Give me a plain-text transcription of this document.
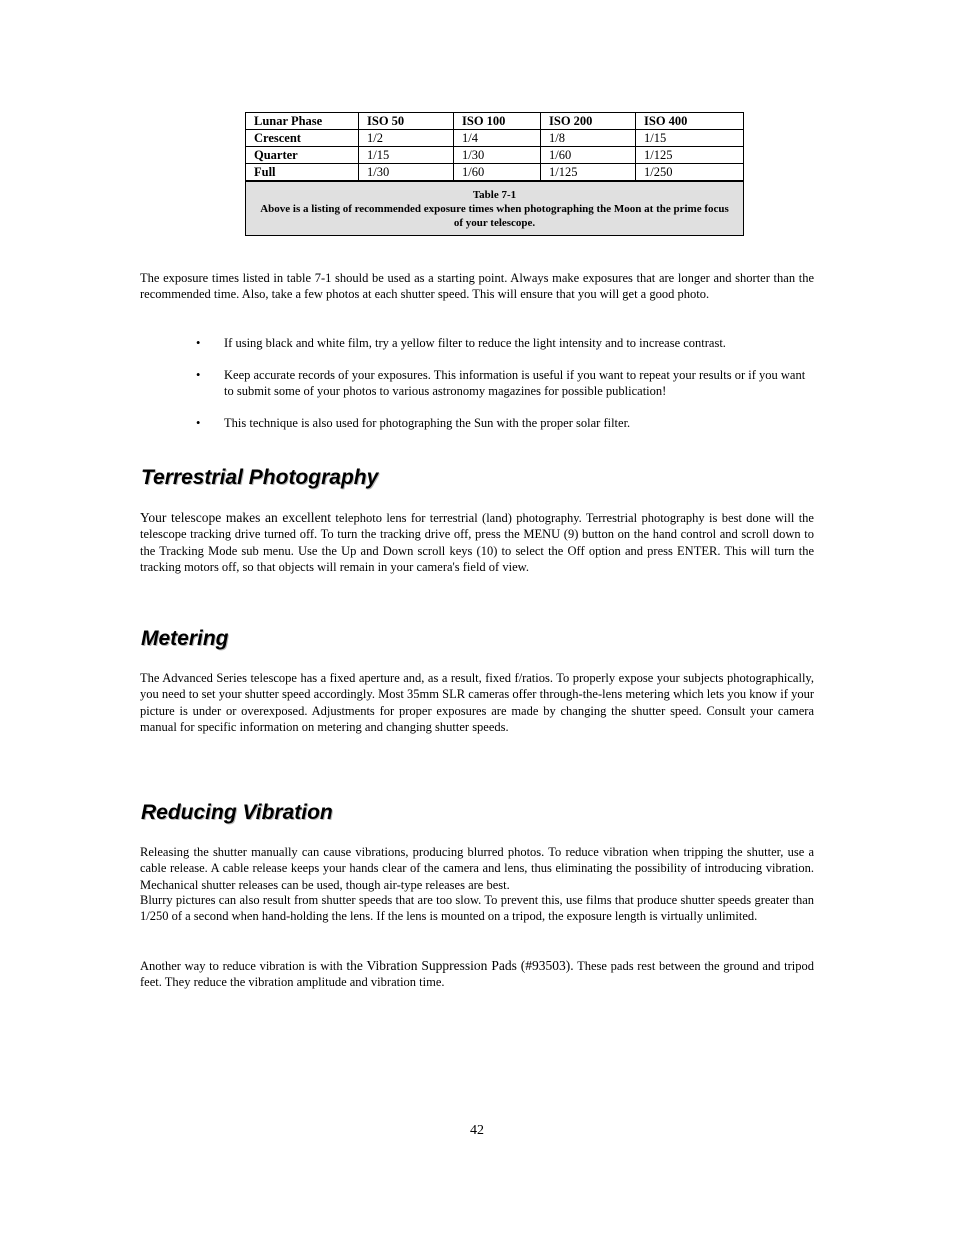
Lunar Phase	ISO 50	ISO 100	ISO 200	ISO 400
Crescent	1/2	1/4	1/8	1/15
Quarter	1/15	1/30	1/60	1/125
Full	1/30	1/60	1/125	1/250

Table 7-1
Above is a listing of recommended exposure times when photographing the Moon at the prime focus of your telescope.				

The exposure times listed in table 7-1 should be used as a starting point. Always make exposures that are longer and shorter than the recommended time. Also, take a few photos at each shutter speed. This will ensure that you will get a good photo.

• If using black and white film, try a yellow filter to reduce the light intensity and to increase contrast.
• Keep accurate records of your exposures. This information is useful if you want to repeat your results or if you want to submit some of your photos to various astronomy magazines for possible publication!
• This technique is also used for photographing the Sun with the proper solar filter.
Terrestrial Photography

Your telescope makes an excellent telephoto lens for terrestrial (land) photography. Terrestrial photography is best done will the telescope tracking drive turned off. To turn the tracking drive off, press the MENU (9) button on the hand control and scroll down to the Tracking Mode sub menu. Use the Up and Down scroll keys (10) to select the Off option and press ENTER. This will turn the tracking motors off, so that objects will remain in your camera's field of view.

Metering

The Advanced Series telescope has a fixed aperture and, as a result, fixed f/ratios. To properly expose your subjects photographically, you need to set your shutter speed accordingly. Most 35mm SLR cameras offer through-the-lens metering which lets you know if your picture is under or overexposed. Adjustments for proper exposures are made by changing the shutter speed. Consult your camera manual for specific information on metering and changing shutter speeds.

Reducing Vibration

Releasing the shutter manually can cause vibrations, producing blurred photos. To reduce vibration when tripping the shutter, use a cable release. A cable release keeps your hands clear of the camera and lens, thus eliminating the possibility of introducing vibration. Mechanical shutter releases can be used, though air-type releases are best.

Blurry pictures can also result from shutter speeds that are too slow. To prevent this, use films that produce shutter speeds greater than 1/250 of a second when hand-holding the lens. If the lens is mounted on a tripod, the exposure length is virtually unlimited.

Another way to reduce vibration is with the Vibration Suppression Pads (#93503). These pads rest between the ground and tripod feet. They reduce the vibration amplitude and vibration time.

42
